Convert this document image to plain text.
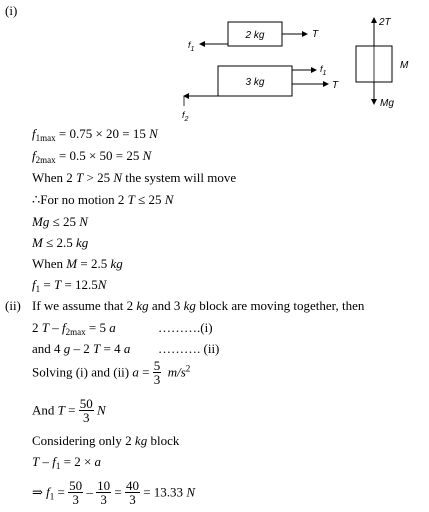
(i)
2 kg	T
$f_1$
3 kg
$f_1$
T
$f_2$
2T
M
Mg
$f_{1max} = 0.75 \times 20 = 15$ N
$f_{2max} = 0.5 \times 50 = 25$ N
When 2 T > 25 N the system will move
∴For no motion 2 T ≤ 25 N
Mg ≤ 25 N
M ≤ 2.5 kg
When M = 2.5 kg
$f_1 = T = 12.5N$
(ii) If we assume that 2 kg and 3 kg block are moving together, then
2 $T - f_{2max} = 5$ a	……….(i)
and 4 g – 2 T = 4 a ………. (ii)
Solving (i) and (ii) $a = \frac{5}{3} m/s^2$
And $T = \frac{50}{3}$ N
Considering only 2 kg block
$T - f_1 = 2 \times a$
⇒ $f_1 = \frac{50}{3} - \frac{10}{3} = \frac{40}{3} = 13.33$ N
